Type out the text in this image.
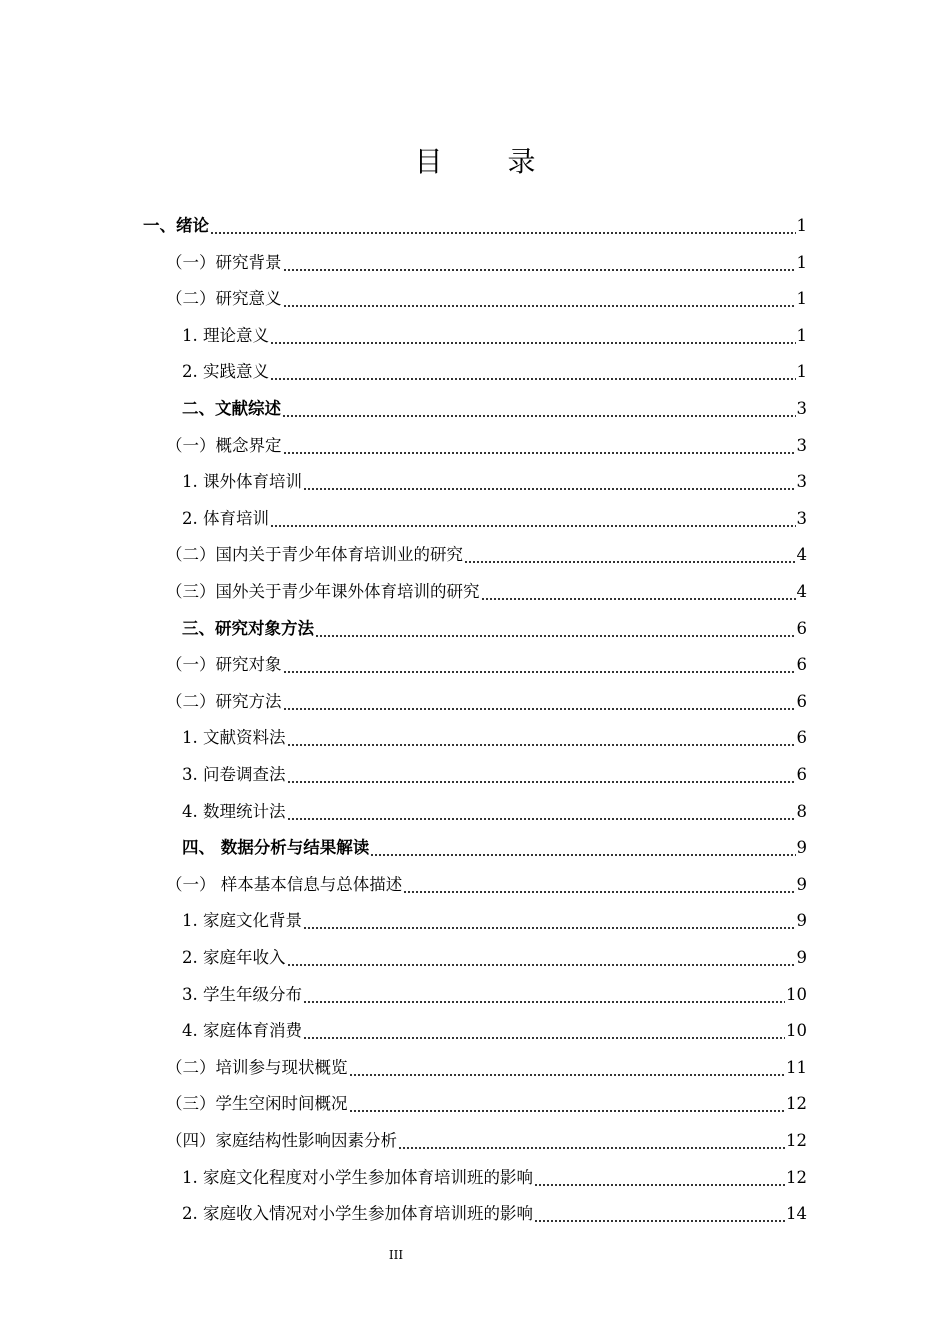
目 录
一、绪论	1
（一）研究背景	1
（二）研究意义	1
1. 理论意义	1
2. 实践意义	1
二、文献综述	3
（一）概念界定	3
1. 课外体育培训	3
2. 体育培训	3
（二）国内关于青少年体育培训业的研究	4
（三）国外关于青少年课外体育培训的研究	4
三、研究对象方法	6
（一）研究对象	6
（二）研究方法	6
1. 文献资料法	6
3. 问卷调查法	6
4. 数理统计法	8
四、 数据分析与结果解读	9
（一） 样本基本信息与总体描述	9
1. 家庭文化背景	9
2. 家庭年收入	9
3. 学生年级分布	10
4. 家庭体育消费	10
（二）培训参与现状概览	11
（三）学生空闲时间概况	12
（四）家庭结构性影响因素分析	12
1. 家庭文化程度对小学生参加体育培训班的影响	12
2. 家庭收入情况对小学生参加体育培训班的影响	14
III
